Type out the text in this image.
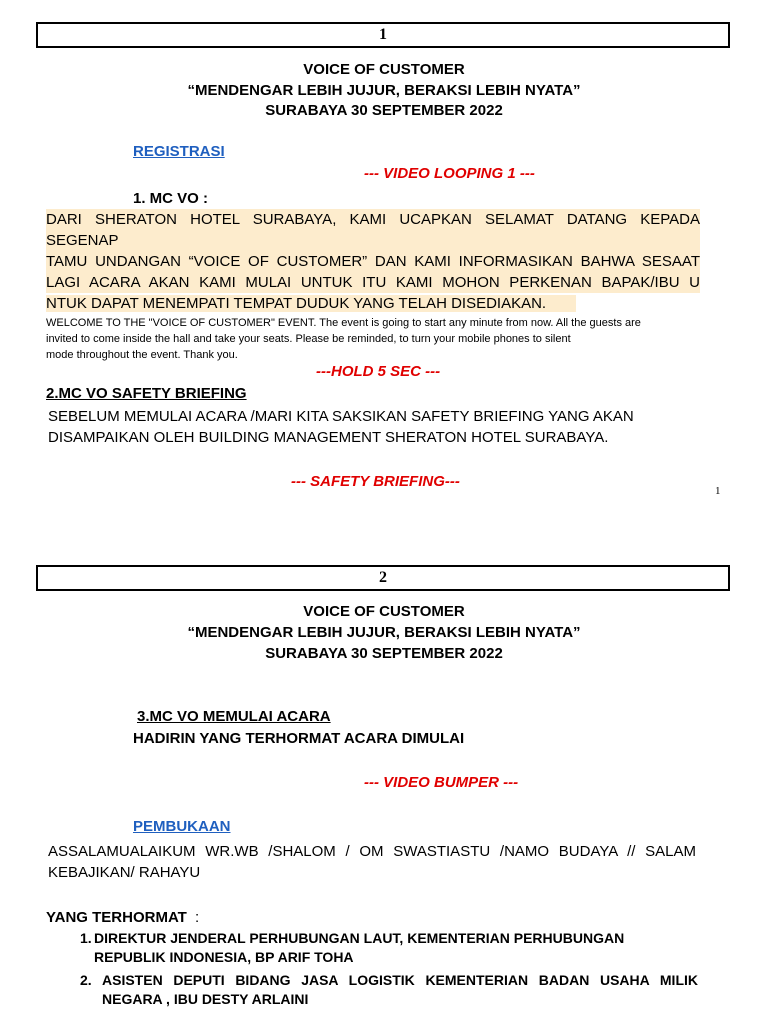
1
VOICE OF CUSTOMER
“MENDENGAR LEBIH JUJUR, BERAKSI LEBIH NYATA”
SURABAYA 30 SEPTEMBER 2022
REGISTRASI
--- VIDEO LOOPING 1 ---
1. MC VO :
DARI SHERATON HOTEL SURABAYA, KAMI UCAPKAN SELAMAT DATANG KEPADA SEGENAP
TAMU UNDANGAN “VOICE OF CUSTOMER” DAN KAMI INFORMASIKAN BAHWA SESAAT
LAGI ACARA AKAN KAMI MULAI UNTUK ITU KAMI MOHON PERKENAN BAPAK/IBU U
NTUK DAPAT MENEMPATI TEMPAT DUDUK YANG TELAH DISEDIAKAN.
WELCOME TO THE "VOICE OF CUSTOMER" EVENT. The event is going to start any minute from now. All the guests are
invited to come inside the hall and take your seats. Please be reminded, to turn your mobile phones to silent
mode throughout the event. Thank you.
---HOLD 5 SEC ---
2.MC VO SAFETY BRIEFING
SEBELUM MEMULAI ACARA /MARI KITA SAKSIKAN SAFETY BRIEFING YANG AKAN
DISAMPAIKAN OLEH BUILDING MANAGEMENT SHERATON HOTEL SURABAYA.
--- SAFETY BRIEFING---
1
2
VOICE OF CUSTOMER
“MENDENGAR LEBIH JUJUR, BERAKSI LEBIH NYATA”
SURABAYA 30 SEPTEMBER 2022
3.MC VO MEMULAI ACARA
HADIRIN YANG TERHORMAT ACARA DIMULAI
--- VIDEO BUMPER ---
PEMBUKAAN
ASSALAMUALAIKUM WR.WB /SHALOM / OM SWASTIASTU /NAMO BUDAYA // SALAM
KEBAJIKAN/ RAHAYU
YANG TERHORMAT :
1. DIREKTUR JENDERAL PERHUBUNGAN LAUT, KEMENTERIAN PERHUBUNGAN
REPUBLIK INDONESIA, BP ARIF TOHA
2. ASISTEN DEPUTI BIDANG JASA LOGISTIK KEMENTERIAN BADAN USAHA MILIK
NEGARA , IBU DESTY ARLAINI
